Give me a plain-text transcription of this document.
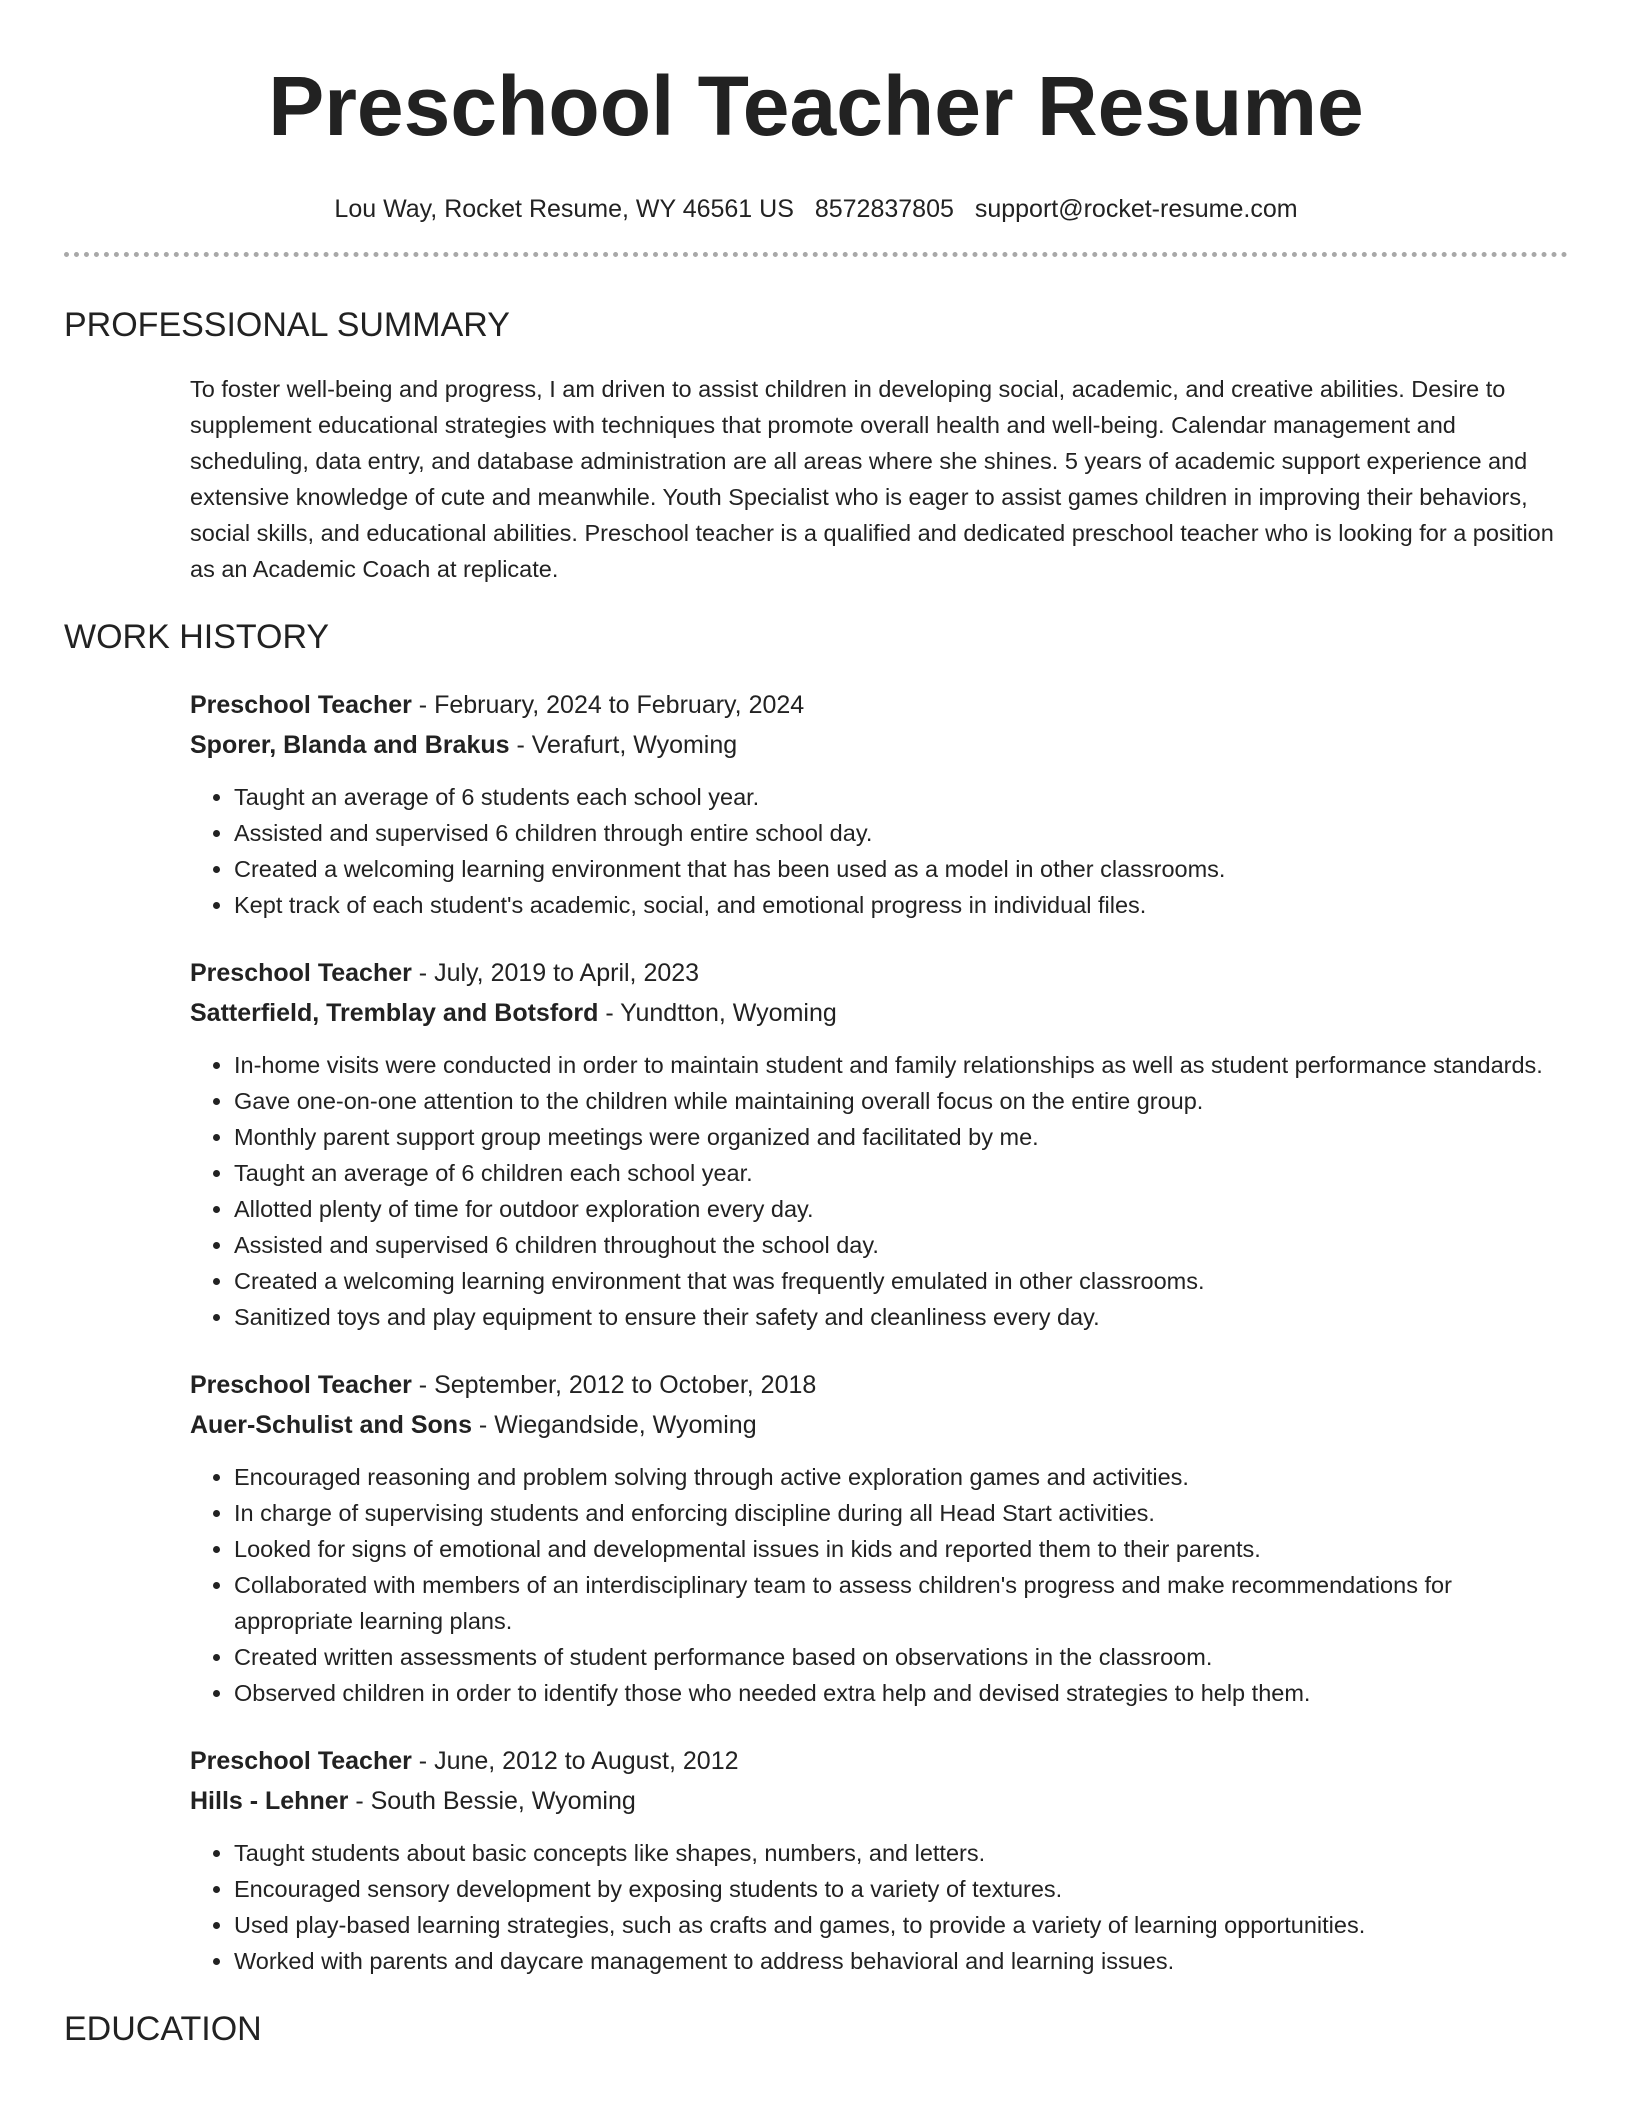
Preschool Teacher Resume
Lou Way, Rocket Resume, WY 46561 US 8572837805 support@rocket-resume.com
PROFESSIONAL SUMMARY

To foster well-being and progress, I am driven to assist children in developing social, academic, and creative abilities. Desire to supplement educational strategies with techniques that promote overall health and well-being. Calendar management and scheduling, data entry, and database administration are all areas where she shines. 5 years of academic support experience and extensive knowledge of cute and meanwhile. Youth Specialist who is eager to assist games children in improving their behaviors, social skills, and educational abilities. Preschool teacher is a qualified and dedicated preschool teacher who is looking for a position as an Academic Coach at replicate.

WORK HISTORY
Preschool Teacher - February, 2024 to February, 2024
Sporer, Blanda and Brakus - Verafurt, Wyoming
• Taught an average of 6 students each school year.
• Assisted and supervised 6 children through entire school day.
• Created a welcoming learning environment that has been used as a model in other classrooms.
• Kept track of each student's academic, social, and emotional progress in individual files.
Preschool Teacher - July, 2019 to April, 2023
Satterfield, Tremblay and Botsford - Yundtton, Wyoming
• In-home visits were conducted in order to maintain student and family relationships as well as student performance standards.
• Gave one-on-one attention to the children while maintaining overall focus on the entire group.
• Monthly parent support group meetings were organized and facilitated by me.
• Taught an average of 6 children each school year.
• Allotted plenty of time for outdoor exploration every day.
• Assisted and supervised 6 children throughout the school day.
• Created a welcoming learning environment that was frequently emulated in other classrooms.
• Sanitized toys and play equipment to ensure their safety and cleanliness every day.
Preschool Teacher - September, 2012 to October, 2018
Auer-Schulist and Sons - Wiegandside, Wyoming
• Encouraged reasoning and problem solving through active exploration games and activities.
• In charge of supervising students and enforcing discipline during all Head Start activities.
• Looked for signs of emotional and developmental issues in kids and reported them to their parents.
• Collaborated with members of an interdisciplinary team to assess children's progress and make recommendations for appropriate learning plans.
• Created written assessments of student performance based on observations in the classroom.
• Observed children in order to identify those who needed extra help and devised strategies to help them.
Preschool Teacher - June, 2012 to August, 2012
Hills - Lehner - South Bessie, Wyoming
• Taught students about basic concepts like shapes, numbers, and letters.
• Encouraged sensory development by exposing students to a variety of textures.
• Used play-based learning strategies, such as crafts and games, to provide a variety of learning opportunities.
• Worked with parents and daycare management to address behavioral and learning issues.
EDUCATION
